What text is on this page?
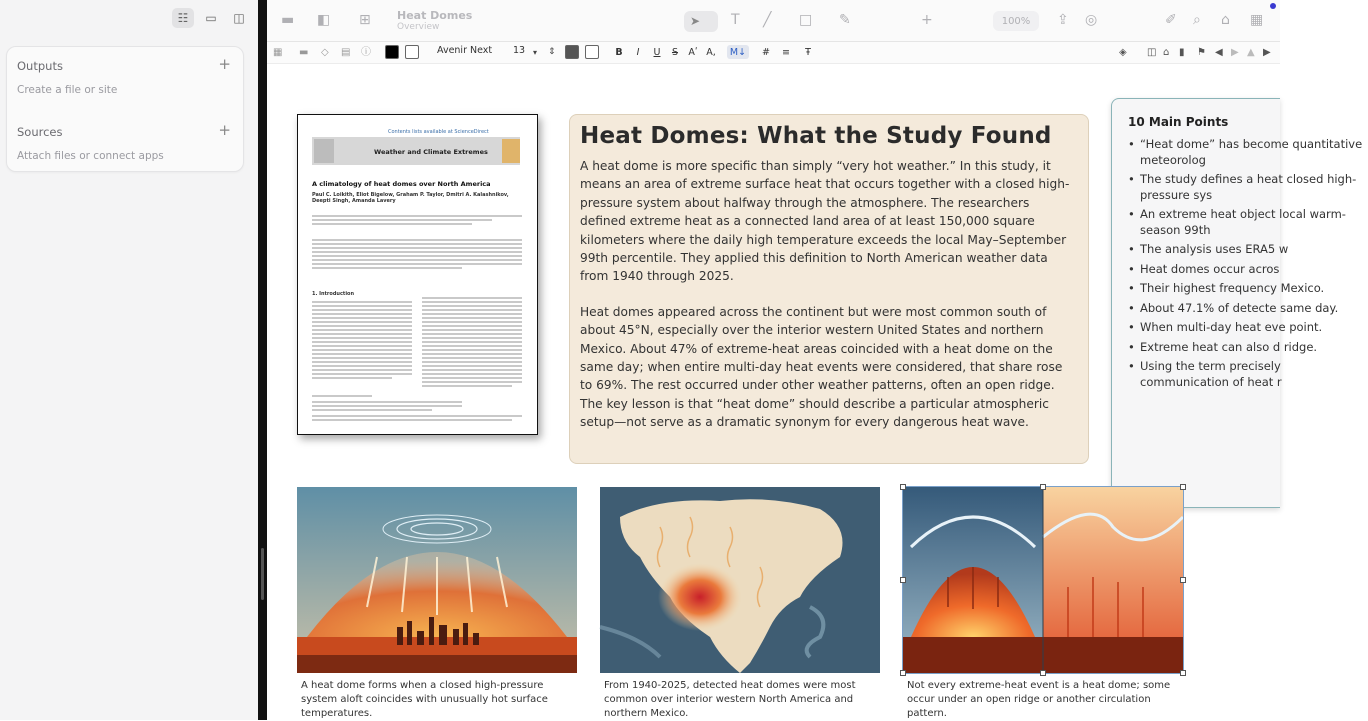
☷	▭	◫
Outputs	+
Create a file or site
Sources	+
Attach files or connect apps
▬ ◧ ⊞ Heat Domes
Overview	➤ T ╱ □ ✎	+	100%	⇪ ◎	✐ ⌕ ⌂ ▦
▦ ▬ ◇ ▤ ⓘ	Avenir Next 13 ▾ ⇕	B	I	U	S	Aʹ A,	M↓	#	≡	Ŧ	◈ ◫ ⌂ ▮ ⚑ ◀ ▶ ▲ ▶
Contents lists available at ScienceDirect
Weather and Climate Extremes
A climatology of heat domes over North America
Paul C. Loikith, Eliot Bigelow, Graham P. Taylor, Dmitri A. Kalashnikov, Deepti Singh, Amanda Lavery
1. Introduction
Heat Domes: What the Study Found

A heat dome is more specific than simply “very hot weather.” In this study, it means an area of extreme surface heat that occurs together with a closed high-pressure system about halfway through the atmosphere. The researchers defined extreme heat as a connected land area of at least 150,000 square kilometers where the daily high temperature exceeds the local May–September 99th percentile. They applied this definition to North American weather data from 1940 through 2025.

Heat domes appeared across the continent but were most common south of about 45°N, especially over the interior western United States and northern Mexico. About 47% of extreme-heat areas coincided with a heat dome on the same day; when entire multi-day heat events were considered, that share rose to 69%. The rest occurred under other weather patterns, often an open ridge. The key lesson is that “heat dome” should describe a particular atmospheric setup—not serve as a dramatic synonym for every dangerous heat wave.

10 Main Points
• “Heat dome” has become quantitative meteorolog
• The study defines a heat closed high-pressure sys
• An extreme heat object local warm-season 99th
• The analysis uses ERA5 w
• Heat domes occur acros
• Their highest frequency Mexico.
• About 47.1% of detecte same day.
• When multi-day heat eve point.
• Extreme heat can also d ridge.
• Using the term precisely communication of heat r
A heat dome forms when a closed high-pressure system aloft coincides with unusually hot surface temperatures.
From 1940-2025, detected heat domes were most common over interior western North America and northern Mexico.
Not every extreme-heat event is a heat dome; some occur under an open ridge or another circulation pattern.
